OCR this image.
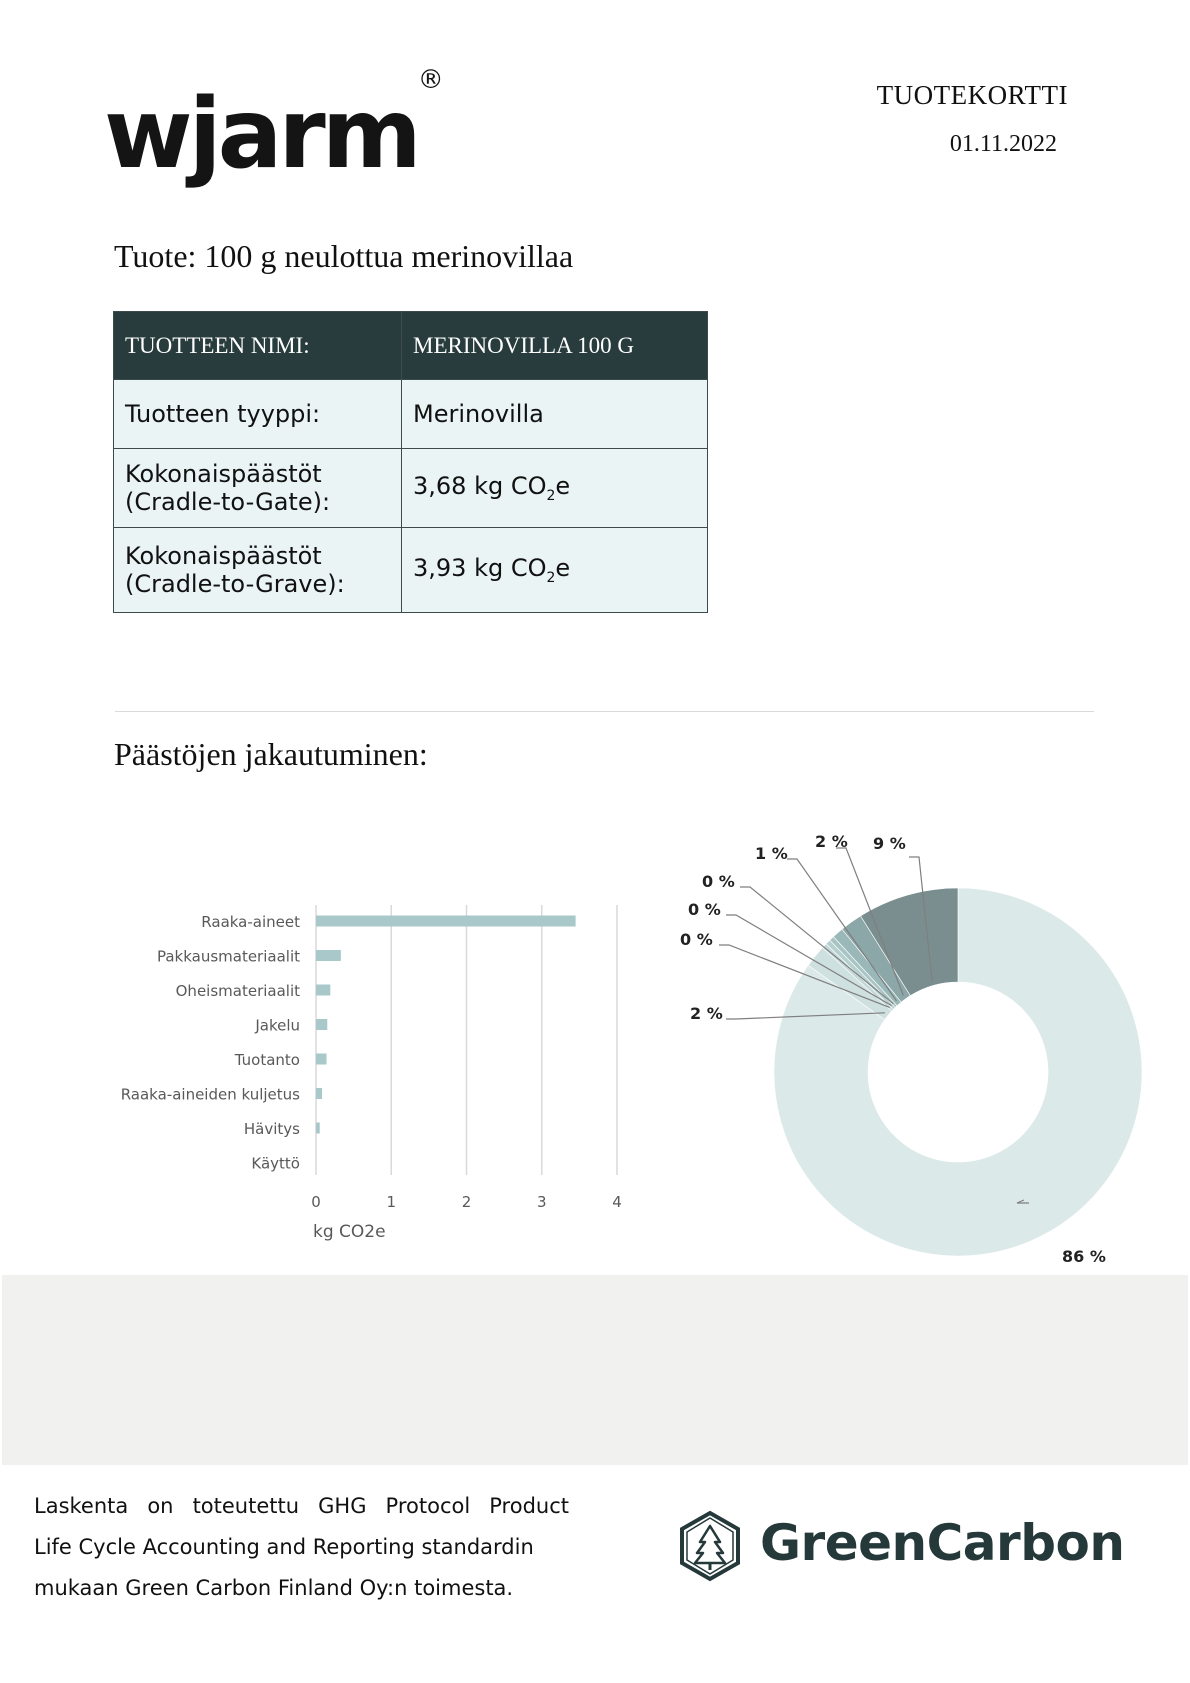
wjarm®	TUOTEKORTTI
01.11.2022
Tuote: 100 g neulottua merinovillaa
TUOTTEEN NIMI:	MERINOVILLA 100 G
Tuotteen tyyppi:	Merinovilla
Kokonaispäästöt
(Cradle-to-Gate):	3,68 kg $CO_2e$
Kokonaispäästöt
(Cradle-to-Grave):	3,93 kg $CO_2e$
Päästöjen jakautuminen:
0	1	2	3	4
Raaka-aineet
Pakkausmateriaalit
Oheismateriaalit
Jakelu
Tuotanto
Raaka-aineiden kuljetus
Hävitys
Käyttö
kg CO2e
86 %
2 %
0 %
0 %
0 %
1 %
2 % 9 %
Laskenta on toteutettu GHG Protocol Product
Life Cycle Accounting and Reporting standardin
mukaan Green Carbon Finland Oy:n toimesta.
GreenCarbon
